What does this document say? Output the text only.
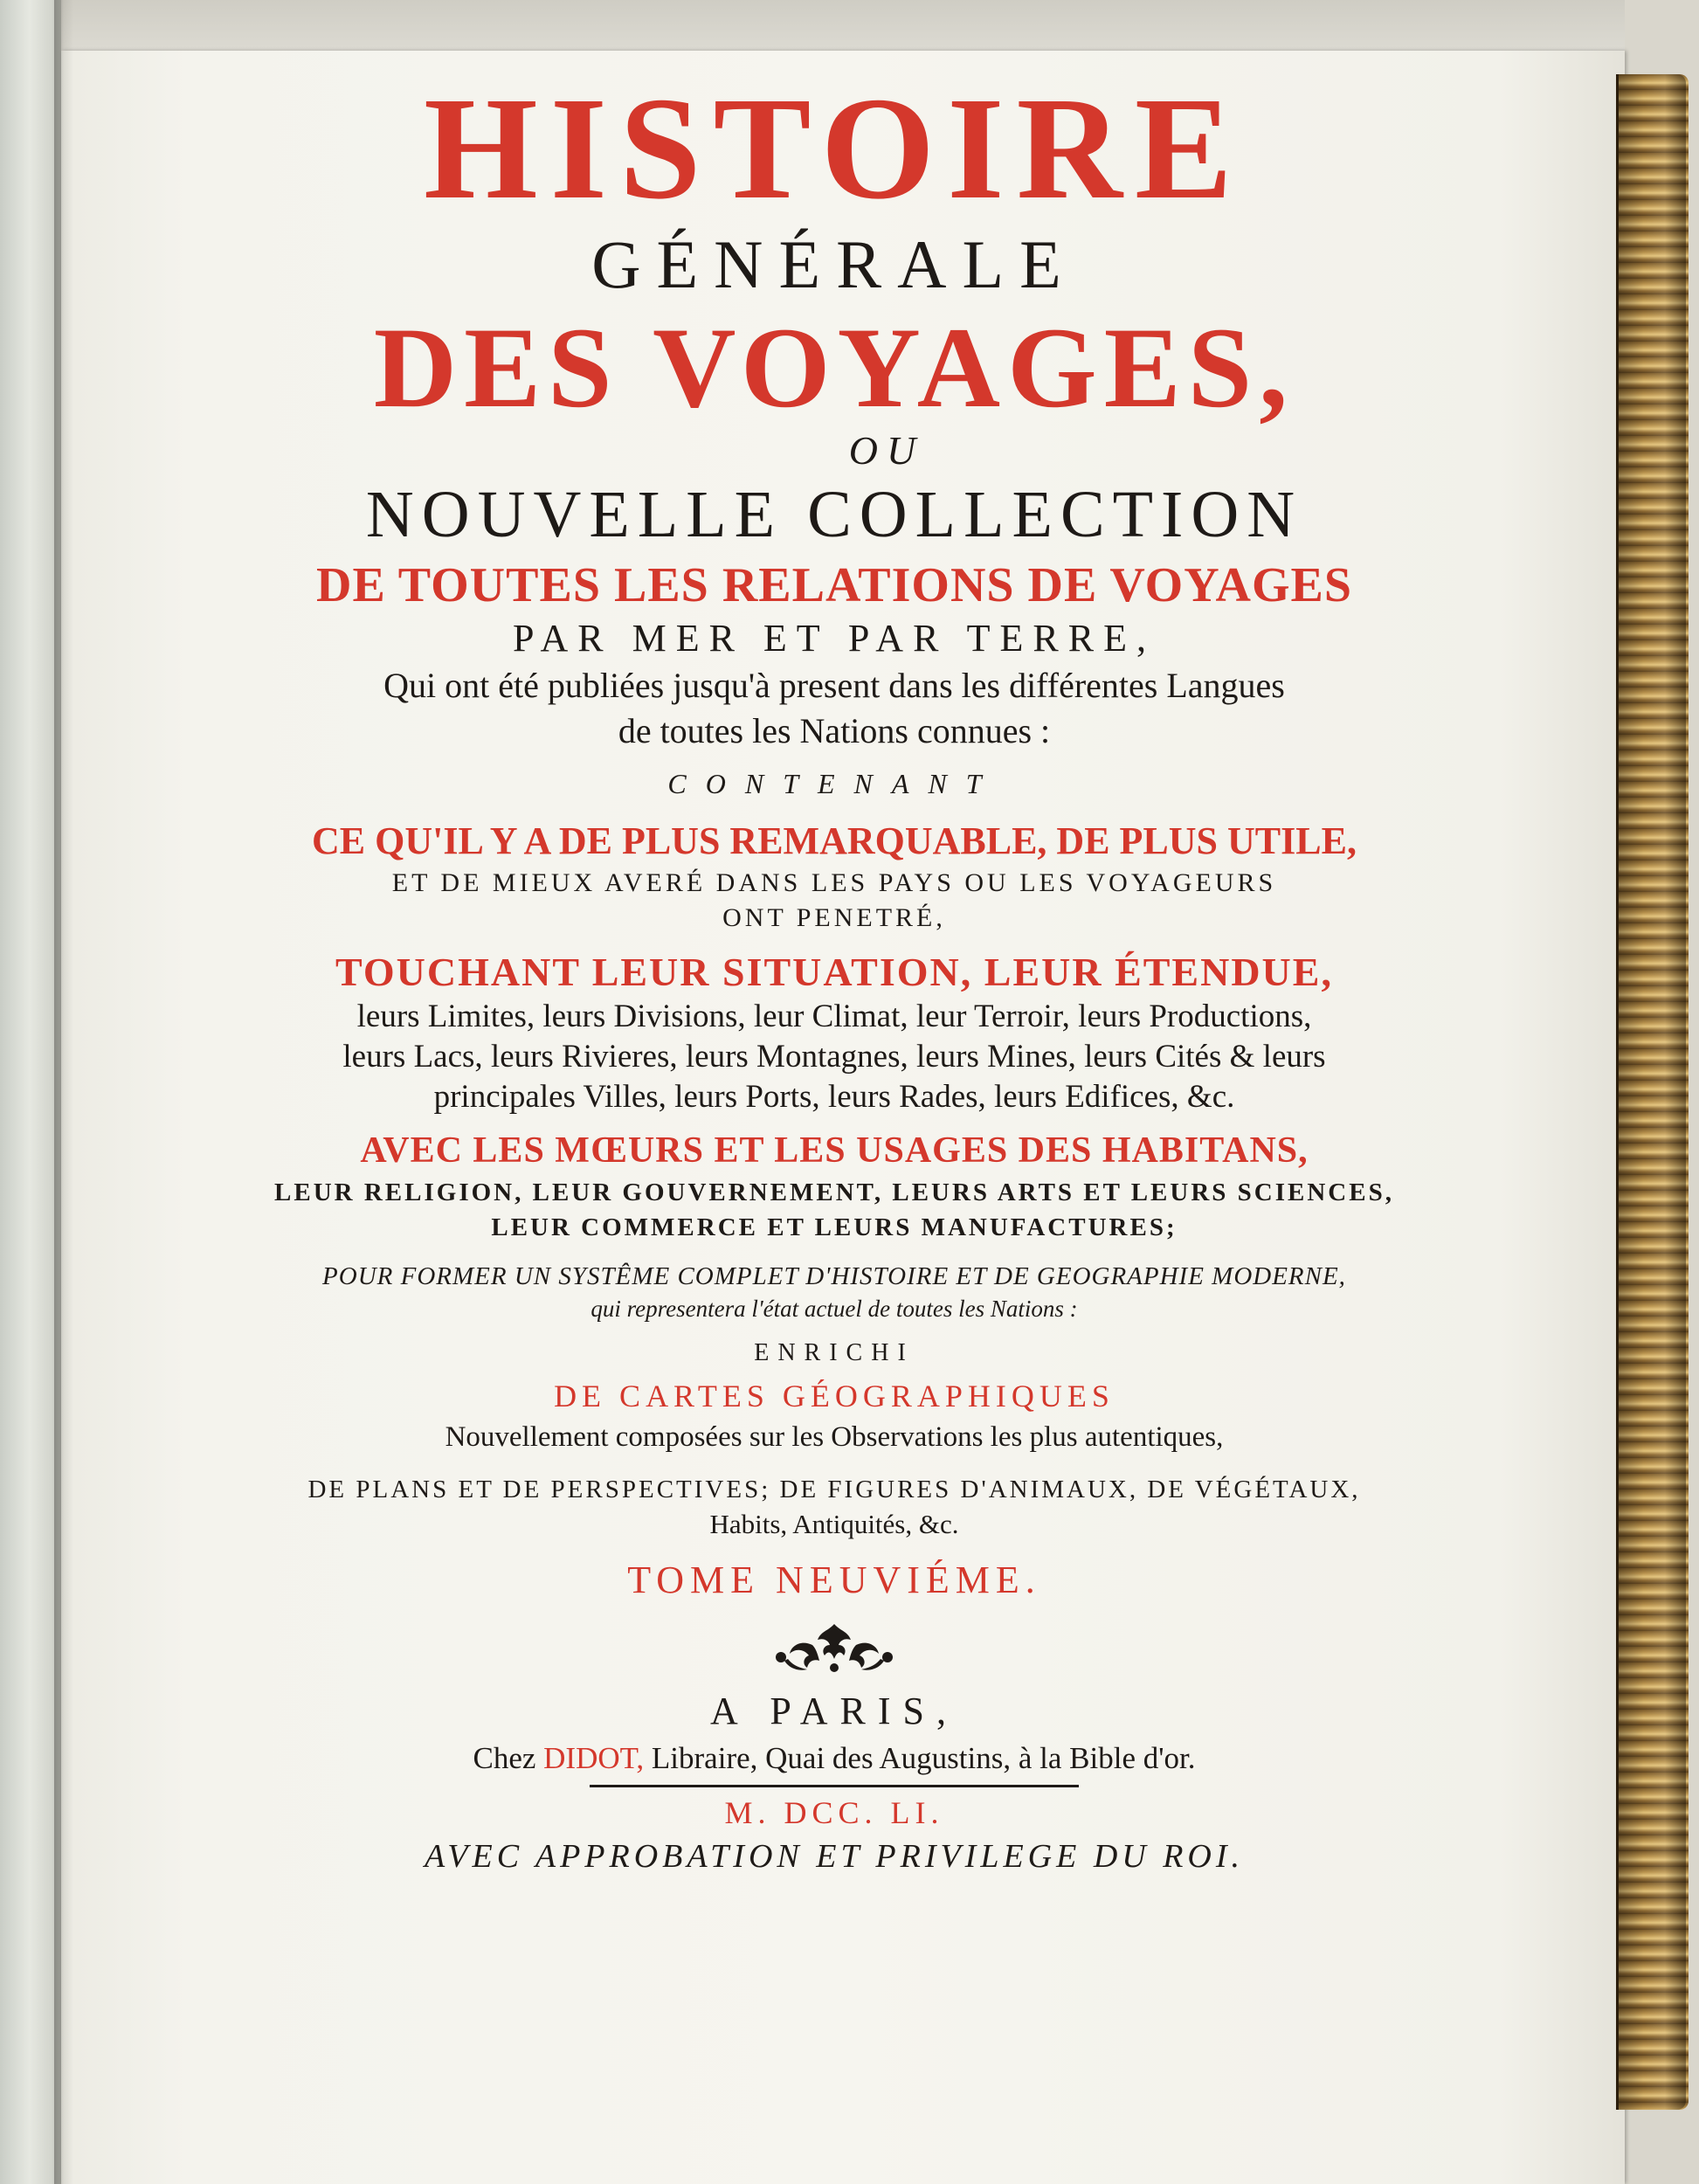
HISTOIRE
GÉNÉRALE
DES VOYAGES,
OU
NOUVELLE COLLECTION
DE TOUTES LES RELATIONS DE VOYAGES
PAR MER ET PAR TERRE,
Qui ont été publiées jusqu'à present dans les différentes Langues
de toutes les Nations connues :
CONTENANT
CE QU'IL Y A DE PLUS REMARQUABLE, DE PLUS UTILE,
ET DE MIEUX AVERÉ DANS LES PAYS OU LES VOYAGEURS
ONT PENETRÉ,
TOUCHANT LEUR SITUATION, LEUR ÉTENDUE,
leurs Limites, leurs Divisions, leur Climat, leur Terroir, leurs Productions,
leurs Lacs, leurs Rivieres, leurs Montagnes, leurs Mines, leurs Cités & leurs
principales Villes, leurs Ports, leurs Rades, leurs Edifices, &c.
AVEC LES MŒURS ET LES USAGES DES HABITANS,
LEUR RELIGION, LEUR GOUVERNEMENT, LEURS ARTS ET LEURS SCIENCES,
LEUR COMMERCE ET LEURS MANUFACTURES;
POUR FORMER UN SYSTÊME COMPLET D'HISTOIRE ET DE GEOGRAPHIE MODERNE,
qui representera l'état actuel de toutes les Nations :
ENRICHI
DE CARTES GÉOGRAPHIQUES
Nouvellement composées sur les Observations les plus autentiques,
DE PLANS ET DE PERSPECTIVES; DE FIGURES D'ANIMAUX, DE VÉGÉTAUX,
Habits, Antiquités, &c.
TOME NEUVIÉME.
A PARIS,
Chez DIDOT, Libraire, Quai des Augustins, à la Bible d'or.
M. DCC. LI.
AVEC APPROBATION ET PRIVILEGE DU ROI.
